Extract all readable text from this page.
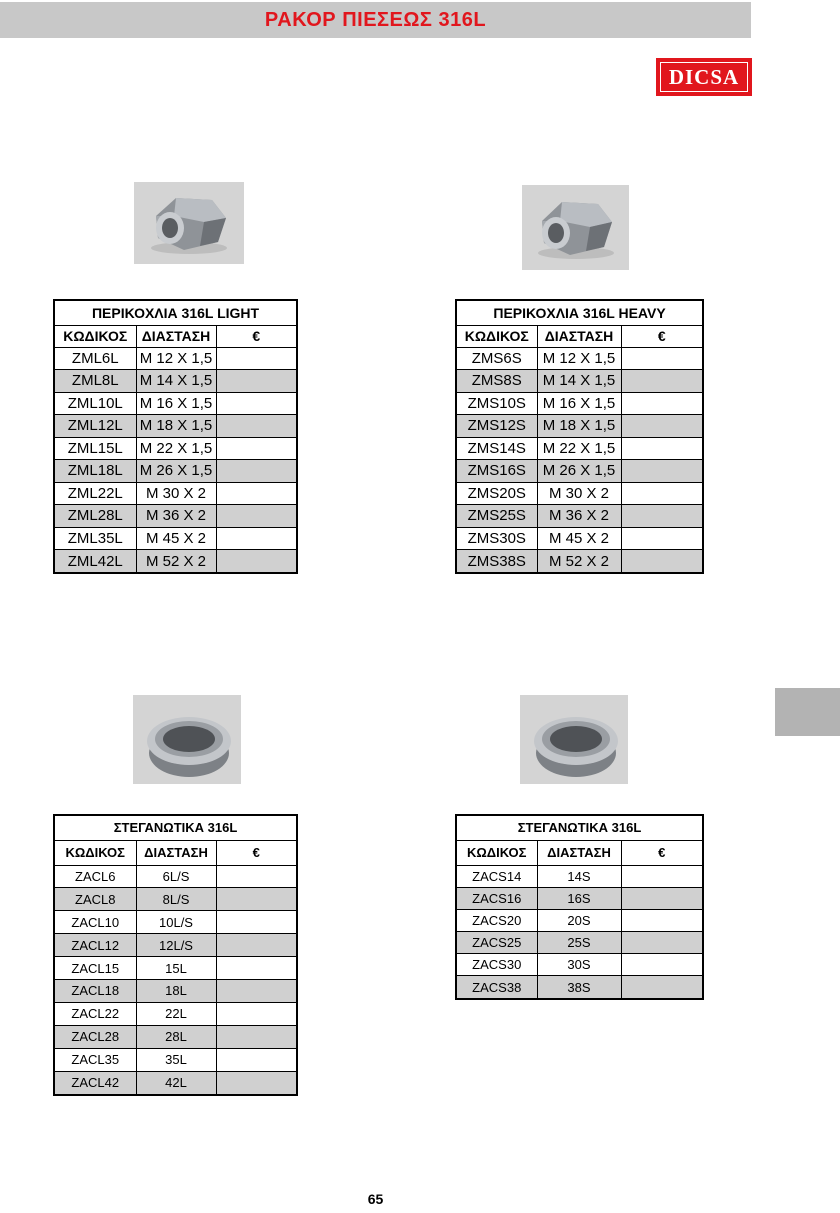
ΡΑΚΟΡ ΠΙΕΣΕΩΣ 316L
DICSA
ΠΕΡΙΚΟΧΛΙΑ 316L LIGHT		
ΚΩΔΙΚΟΣ	ΔΙΑΣΤΑΣΗ	€
ZML6L	M 12 X 1,5	
ZML8L	M 14 X 1,5	
ZML10L	M 16 X 1,5	
ZML12L	M 18 X 1,5	
ZML15L	M 22 X 1,5	
ZML18L	M 26 X 1,5	
ZML22L	M 30 X 2	
ZML28L	M 36 X 2	
ZML35L	M 45 X 2	
ZML42L	M 52 X 2	
ΠΕΡΙΚΟΧΛΙΑ 316L HEAVY		
ΚΩΔΙΚΟΣ	ΔΙΑΣΤΑΣΗ	€
ZMS6S	M 12 X 1,5	
ZMS8S	M 14 X 1,5	
ZMS10S	M 16 X 1,5	
ZMS12S	M 18 X 1,5	
ZMS14S	M 22 X 1,5	
ZMS16S	M 26 X 1,5	
ZMS20S	M 30 X 2	
ZMS25S	M 36 X 2	
ZMS30S	M 45 X 2	
ZMS38S	M 52 X 2	
ΣΤΕΓΑΝΩΤΙΚΑ 316L		
ΚΩΔΙΚΟΣ	ΔΙΑΣΤΑΣΗ	€
ZACL6	6L/S	
ZACL8	8L/S	
ZACL10	10L/S	
ZACL12	12L/S	
ZACL15	15L	
ZACL18	18L	
ZACL22	22L	
ZACL28	28L	
ZACL35	35L	
ZACL42	42L	
ΣΤΕΓΑΝΩΤΙΚΑ 316L		
ΚΩΔΙΚΟΣ	ΔΙΑΣΤΑΣΗ	€
ZACS14	14S	
ZACS16	16S	
ZACS20	20S	
ZACS25	25S	
ZACS30	30S	
ZACS38	38S	
65
